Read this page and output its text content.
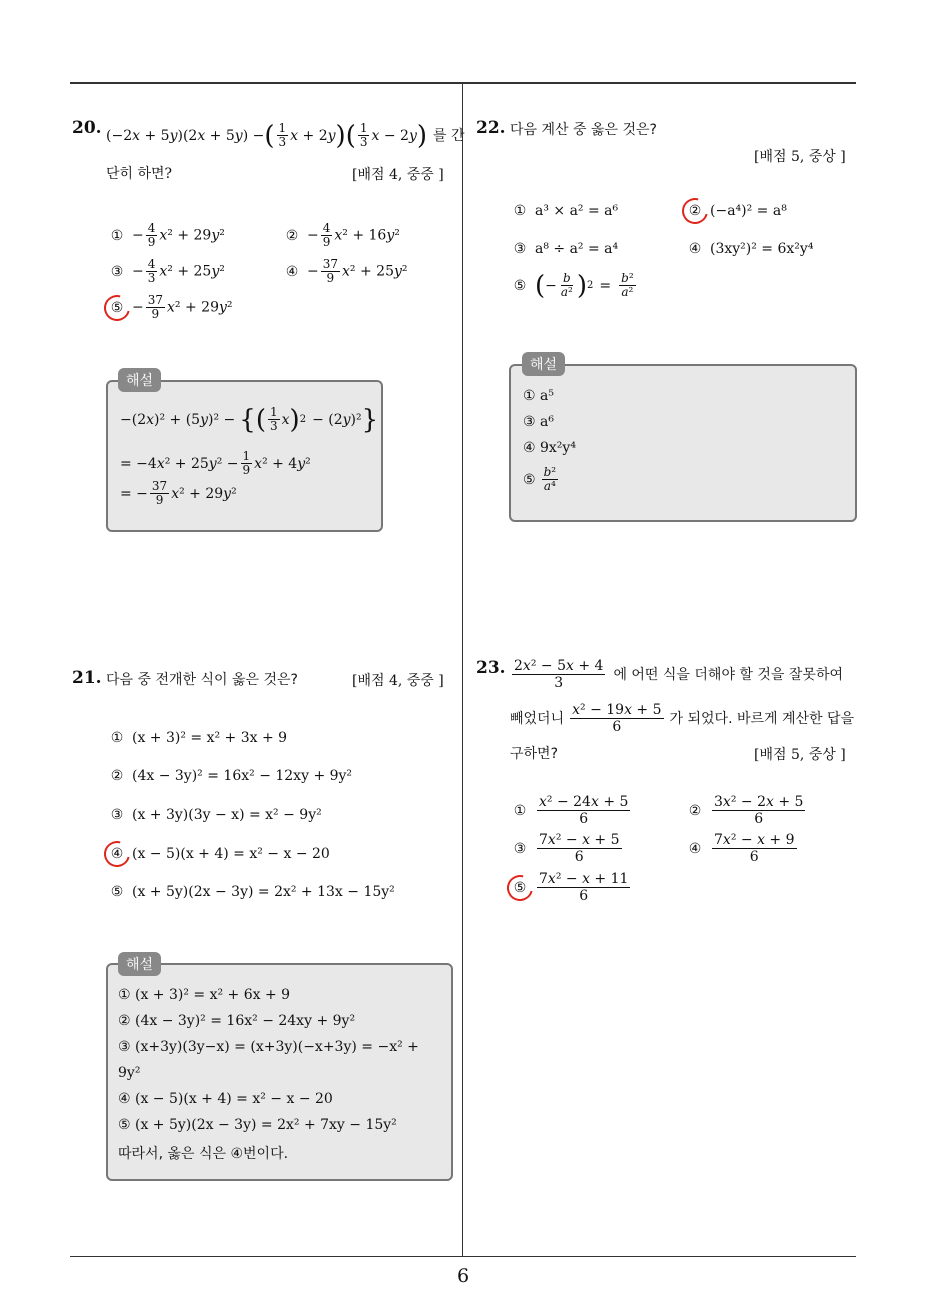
6
20. (−2x + 5y)(2x + 5y) − ( $\frac{1}{3}$ x + 2y ) ( $\frac{1}{3}$ x − 2y ) 를 간
단히 하면?	[배점 4, 중중 ]
① − $\frac{4}{9} x^2 + 29y^2$	② − $\frac{4}{9} x^2 + 16y^2$
③ − $\frac{4}{3} x^2 + 25y^2$	④ − $\frac{37}{9} x^2 + 25y^2$
⑤ − $\frac{37}{9} x^2 + 29y^2$
−(2x)² + (5y)² − { ( $\frac{1}{3}$ x ) 2 − (2y)² }
= $-4x^2 + 25y^2 - \frac{1}{9} x^2 + 4y^2$
= − $\frac{37}{9} x^2 + 29y^2$
해설
21. 다음 중 전개한 식이 옳은 것은?	[배점 4, 중중 ]
① (x + 3)² = x² + 3x + 9
② (4x − 3y)² = 16x² − 12xy + 9y²
③ (x + 3y)(3y − x) = x² − 9y²
④ (x − 5)(x + 4) = x² − x − 20
⑤ (x + 5y)(2x − 3y) = 2x² + 13x − 15y²
① (x + 3)² = x² + 6x + 9
② (4x − 3y)² = 16x² − 24xy + 9y²
③ (x+3y)(3y−x) = (x+3y)(−x+3y) = −x² +
9y²
④ (x − 5)(x + 4) = x² − x − 20
⑤ (x + 5y)(2x − 3y) = 2x² + 7xy − 15y²
따라서, 옳은 식은 ④번이다.
해설
22. 다음 계산 중 옳은 것은?
[배점 5, 중상 ]
① a³ × a² = a⁶	② (−a⁴)² = a⁸
③ a⁸ ÷ a² = a⁴	④ (3xy²)² = 6x²y⁴
⑤ ( − $\frac{b}{\text{a²}}$ ) $2 = \frac{\text{b²}}{\text{a²}}$
① a⁵
③ a⁶
④ 9x²y⁴
⑤ $\frac{\text{b²}}{\text{a⁴}}$
해설
23. $\frac{\text{2x² − 5x + 4}}{3}$ 에 어떤 식을 더해야 할 것을 잘못하여
빼었더니 $\frac{\text{x² − 19x + 5}}{6}$ 가 되었다. 바르게 계산한 답을
구하면?	[배점 5, 중상 ]
① $\frac{\text{x² − 24x + 5}}{6}$	② $\frac{\text{3x² − 2x + 5}}{6}$
③ $\frac{\text{7x² − x + 5}}{6}$	④ $\frac{\text{7x² − x + 9}}{6}$
⑤ $\frac{\text{7x² − x + 11}}{6}$
